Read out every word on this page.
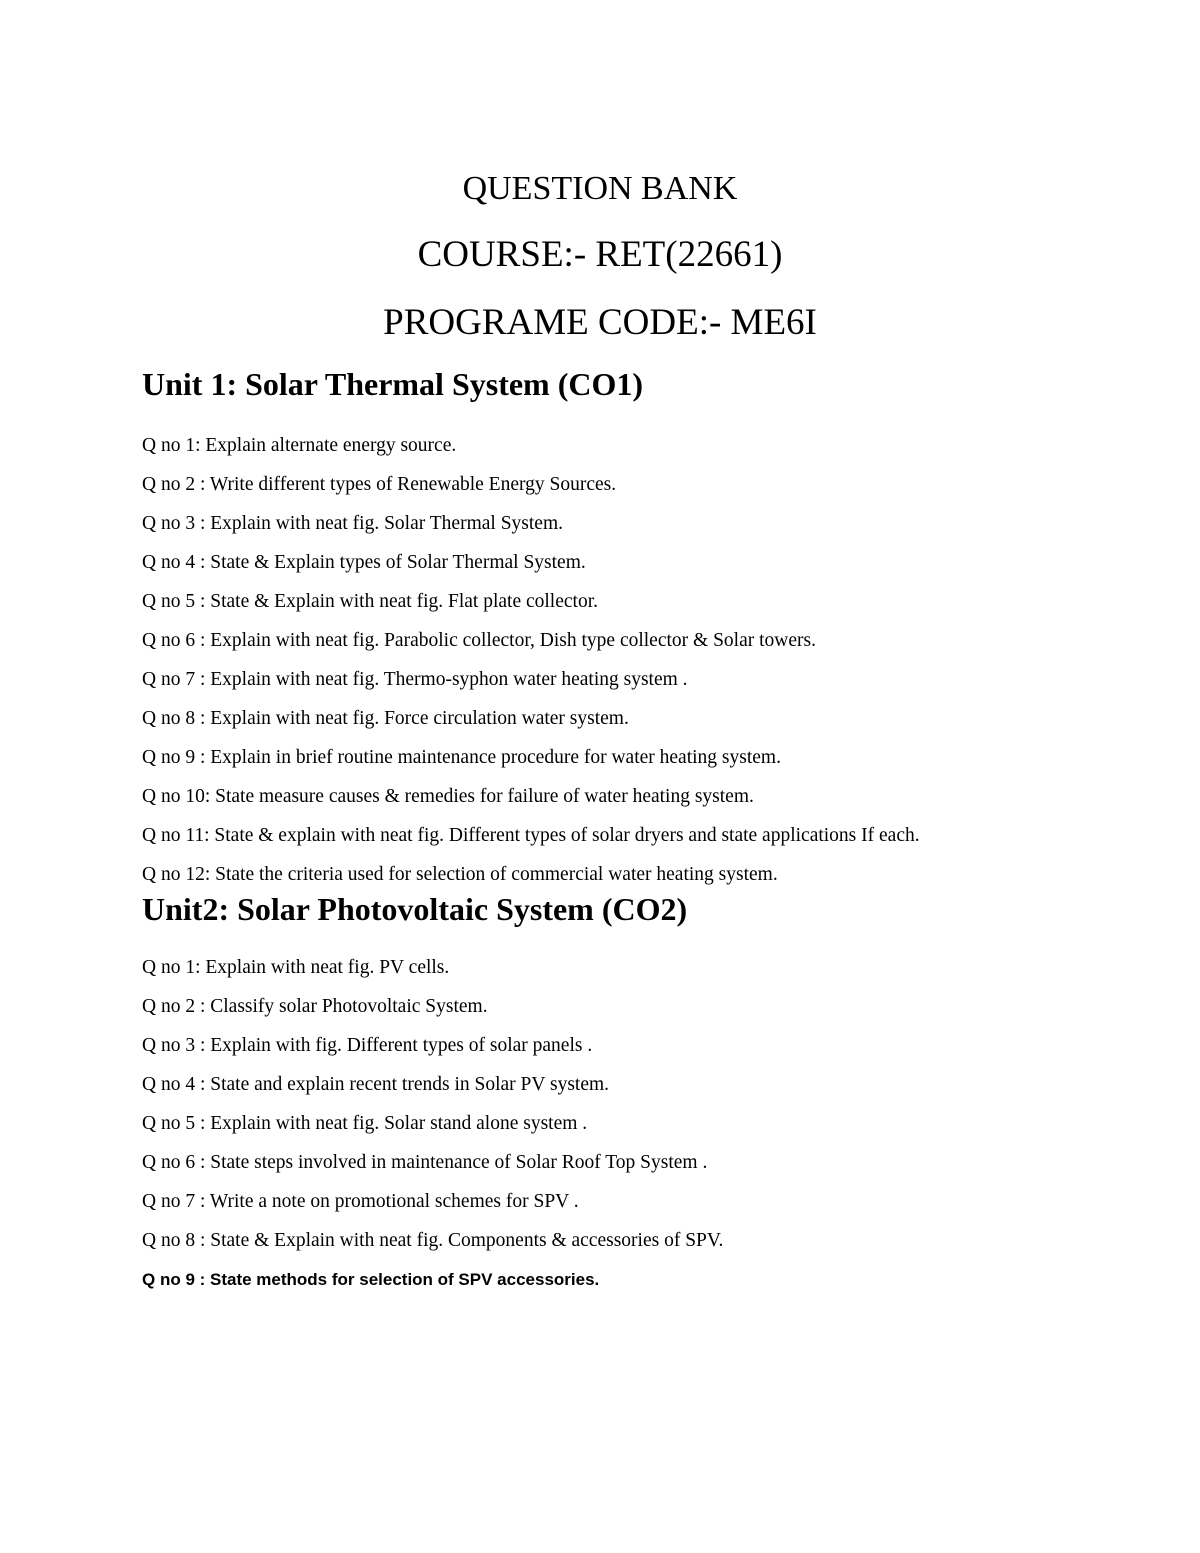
QUESTION BANK
COURSE:- RET(22661)
PROGRAME CODE:- ME6I
Unit 1: Solar Thermal System (CO1)
Q no 1: Explain alternate energy source.
Q no 2 : Write different types of Renewable Energy Sources.
Q no 3 : Explain with neat fig. Solar Thermal System.
Q no 4 : State & Explain types of Solar Thermal System.
Q no 5 : State & Explain with neat fig. Flat plate collector.
Q no 6 : Explain with neat fig. Parabolic collector, Dish type collector & Solar towers.
Q no 7 : Explain with neat fig. Thermo-syphon water heating system .
Q no 8 : Explain with neat fig. Force circulation water system.
Q no 9 : Explain in brief routine maintenance procedure for water heating system.
Q no 10: State measure causes & remedies for failure of water heating system.
Q no 11: State & explain with neat fig. Different types of solar dryers and state applications If each.
Q no 12: State the criteria used for selection of commercial water heating system.
Unit2: Solar Photovoltaic System (CO2)
Q no 1: Explain with neat fig. PV cells.
Q no 2 : Classify solar Photovoltaic System.
Q no 3 : Explain with fig. Different types of solar panels .
Q no 4 : State and explain recent trends in Solar PV system.
Q no 5 : Explain with neat fig. Solar stand alone system .
Q no 6 : State steps involved in maintenance of Solar Roof Top System .
Q no 7 : Write a note on promotional schemes for SPV .
Q no 8 : State & Explain with neat fig. Components & accessories of SPV.
Q no 9 : State methods for selection of SPV accessories.
